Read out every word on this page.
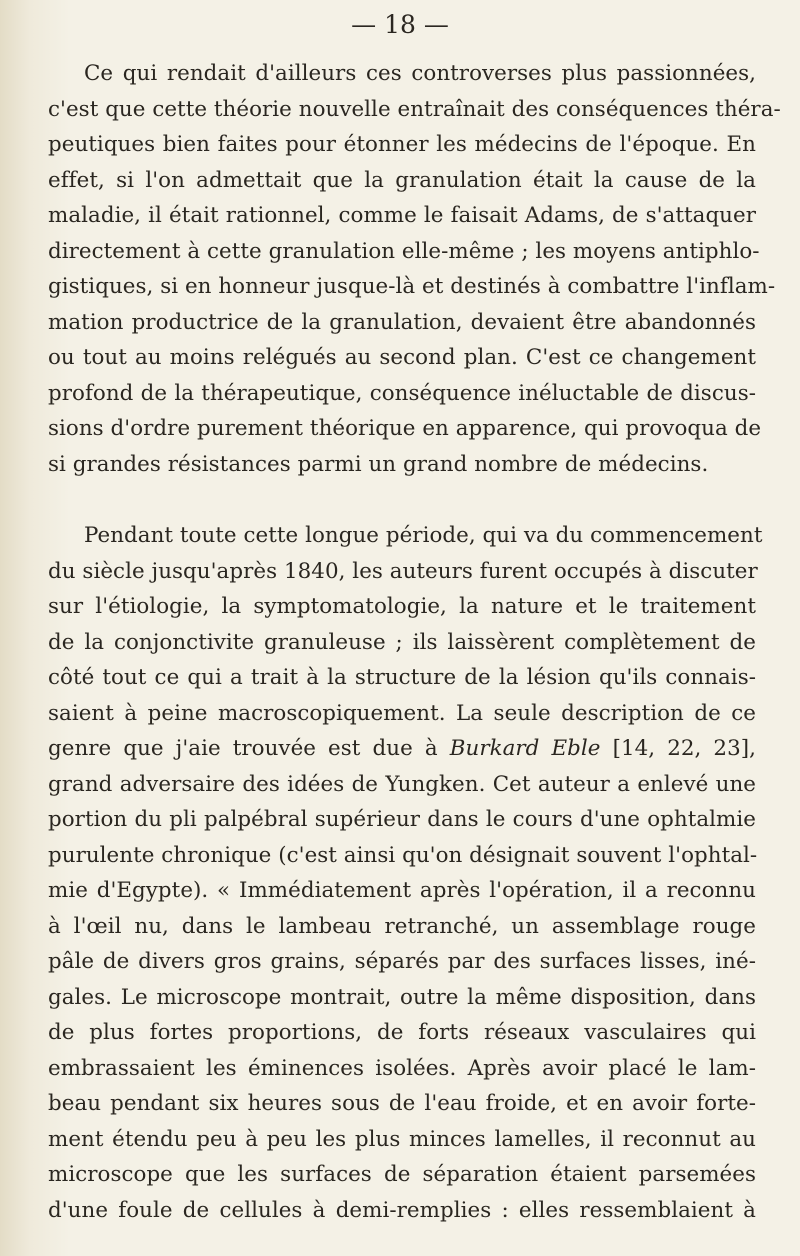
— 18 —
Ce qui rendait d'ailleurs ces controverses plus passionnées,
c'est que cette théorie nouvelle entraînait des conséquences théra-
peutiques bien faites pour étonner les médecins de l'époque. En
effet, si l'on admettait que la granulation était la cause de la
maladie, il était rationnel, comme le faisait Adams, de s'attaquer
directement à cette granulation elle-même ; les moyens antiphlo-
gistiques, si en honneur jusque-là et destinés à combattre l'inflam-
mation productrice de la granulation, devaient être abandonnés
ou tout au moins relégués au second plan. C'est ce changement
profond de la thérapeutique, conséquence inéluctable de discus-
sions d'ordre purement théorique en apparence, qui provoqua de
si grandes résistances parmi un grand nombre de médecins.
Pendant toute cette longue période, qui va du commencement
du siècle jusqu'après 1840, les auteurs furent occupés à discuter
sur l'étiologie, la symptomatologie, la nature et le traitement
de la conjonctivite granuleuse ; ils laissèrent complètement de
côté tout ce qui a trait à la structure de la lésion qu'ils connais-
saient à peine macroscopiquement. La seule description de ce
genre que j'aie trouvée est due à Burkard Eble [14, 22, 23],
grand adversaire des idées de Yungken. Cet auteur a enlevé une
portion du pli palpébral supérieur dans le cours d'une ophtalmie
purulente chronique (c'est ainsi qu'on désignait souvent l'ophtal-
mie d'Egypte). « Immédiatement après l'opération, il a reconnu
à l'œil nu, dans le lambeau retranché, un assemblage rouge
pâle de divers gros grains, séparés par des surfaces lisses, iné-
gales. Le microscope montrait, outre la même disposition, dans
de plus fortes proportions, de forts réseaux vasculaires qui
embrassaient les éminences isolées. Après avoir placé le lam-
beau pendant six heures sous de l'eau froide, et en avoir forte-
ment étendu peu à peu les plus minces lamelles, il reconnut au
microscope que les surfaces de séparation étaient parsemées
d'une foule de cellules à demi-remplies : elles ressemblaient à
